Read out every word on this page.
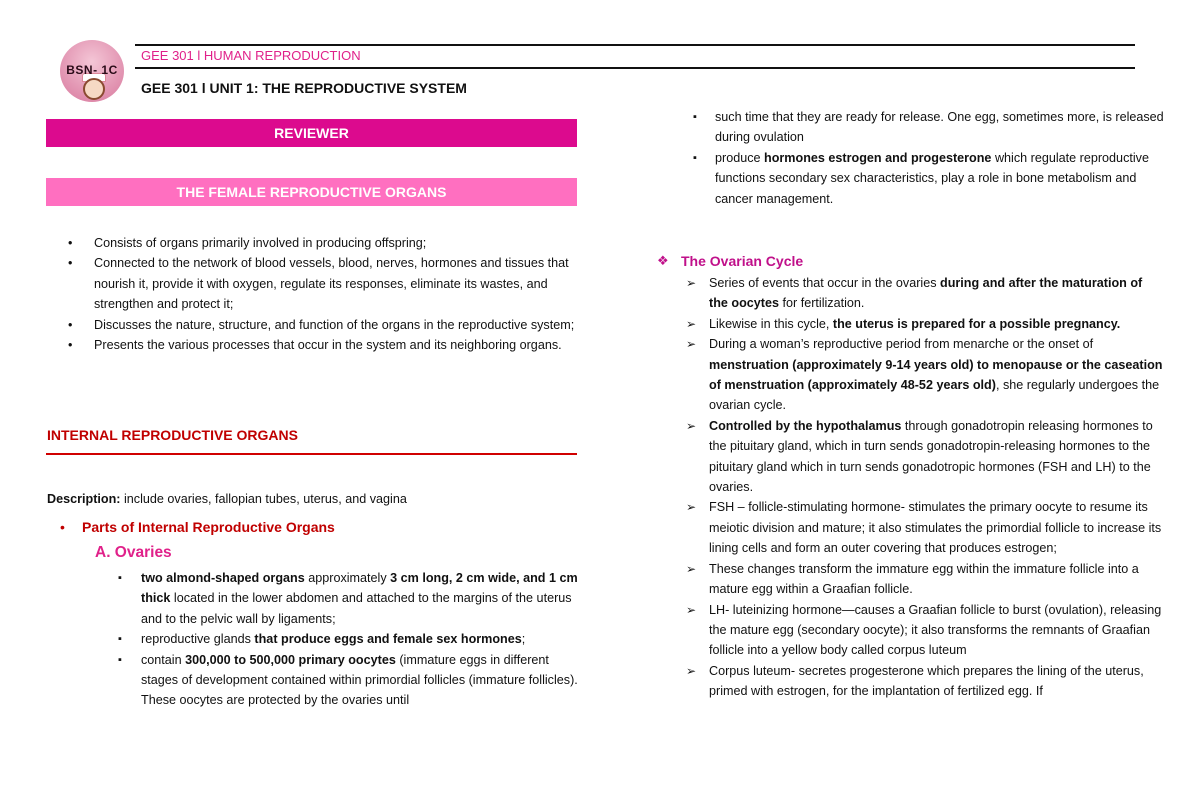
BSN- 1C
GEE 301 l HUMAN REPRODUCTION
GEE 301 l UNIT 1: THE REPRODUCTIVE SYSTEM
REVIEWER
THE FEMALE REPRODUCTIVE ORGANS
• Consists of organs primarily involved in producing offspring;
• Connected to the network of blood vessels, blood, nerves, hormones and tissues that nourish it, provide it with oxygen, regulate its responses, eliminate its wastes, and strengthen and protect it;
• Discusses the nature, structure, and function of the organs in the reproductive system;
• Presents the various processes that occur in the system and its neighboring organs.
INTERNAL REPRODUCTIVE ORGANS
Description: include ovaries, fallopian tubes, uterus, and vagina
• Parts of Internal Reproductive Organs
A. Ovaries
▪ two almond-shaped organs approximately 3 cm long, 2 cm wide, and 1 cm thick located in the lower abdomen and attached to the margins of the uterus and to the pelvic wall by ligaments;
▪ reproductive glands that produce eggs and female sex hormones;
▪ contain 300,000 to 500,000 primary oocytes (immature eggs in different stages of development contained within primordial follicles (immature follicles). These oocytes are protected by the ovaries until
▪ such time that they are ready for release. One egg, sometimes more, is released during ovulation
▪ produce hormones estrogen and progesterone which regulate reproductive functions secondary sex characteristics, play a role in bone metabolism and cancer management.
❖ The Ovarian Cycle
➢ Series of events that occur in the ovaries during and after the maturation of the oocytes for fertilization.
➢ Likewise in this cycle, the uterus is prepared for a possible pregnancy.
➢ During a woman’s reproductive period from menarche or the onset of menstruation (approximately 9-14 years old) to menopause or the caseation of menstruation (approximately 48-52 years old), she regularly undergoes the ovarian cycle.
➢ Controlled by the hypothalamus through gonadotropin releasing hormones to the pituitary gland, which in turn sends gonadotropin-releasing hormones to the pituitary gland which in turn sends gonadotropic hormones (FSH and LH) to the ovaries.
➢ FSH – follicle-stimulating hormone- stimulates the primary oocyte to resume its meiotic division and mature; it also stimulates the primordial follicle to increase its lining cells and form an outer covering that produces estrogen;
➢ These changes transform the immature egg within the immature follicle into a mature egg within a Graafian follicle.
➢ LH- luteinizing hormone—causes a Graafian follicle to burst (ovulation), releasing the mature egg (secondary oocyte); it also transforms the remnants of Graafian follicle into a yellow body called corpus luteum
➢ Corpus luteum- secretes progesterone which prepares the lining of the uterus, primed with estrogen, for the implantation of fertilized egg. If
